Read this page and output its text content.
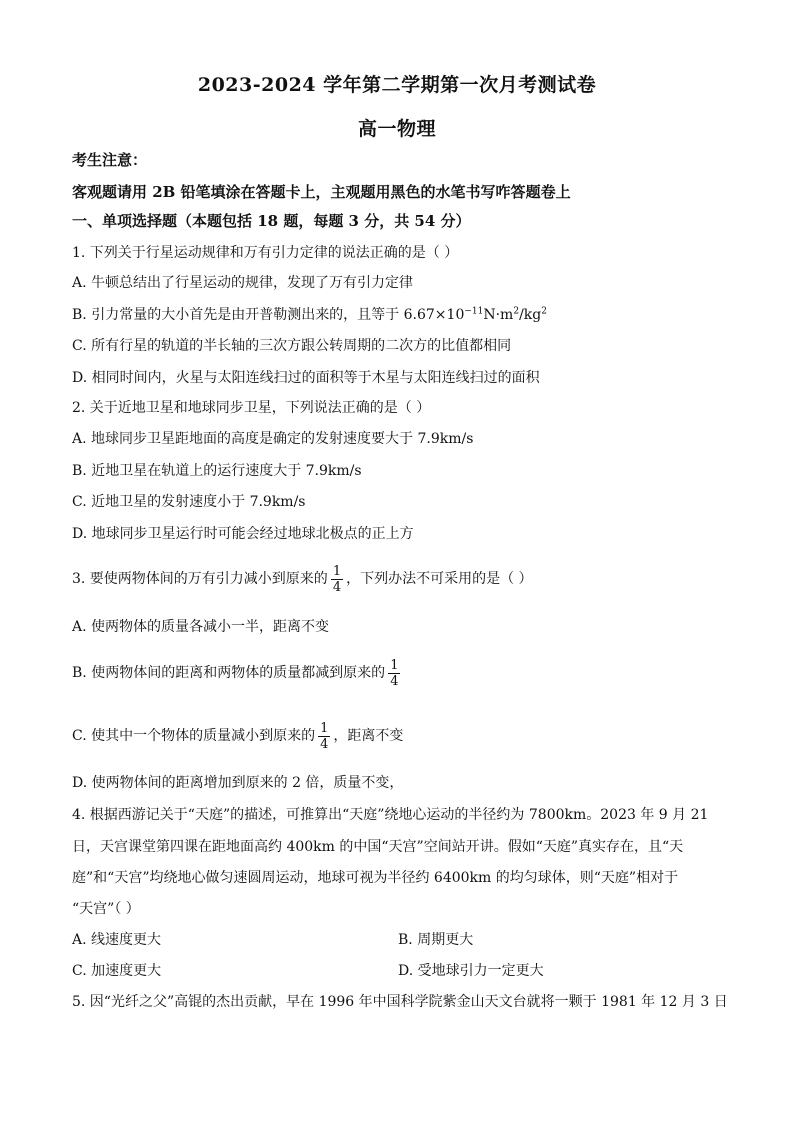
2023-2024 学年第二学期第一次月考测试卷
高一物理
考生注意：
客观题请用 2B 铅笔填涂在答题卡上，主观题用黑色的水笔书写咋答题卷上
一、单项选择题（本题包括 18 题，每题 3 分，共 54 分）
1. 下列关于行星运动规律和万有引力定律的说法正确的是（ ）
A. 牛顿总结出了行星运动的规律，发现了万有引力定律
B. 引力常量的大小首先是由开普勒测出来的，且等于 $6.67\times 10^{-11}N\cdot m^2/kg^2$
C. 所有行星的轨道的半长轴的三次方跟公转周期的二次方的比值都相同
D. 相同时间内，火星与太阳连线扫过的面积等于木星与太阳连线扫过的面积
2. 关于近地卫星和地球同步卫星，下列说法正确的是（ ）
A. 地球同步卫星距地面的高度是确定的发射速度要大于 7.9km/s
B. 近地卫星在轨道上的运行速度大于 7.9km/s
C. 近地卫星的发射速度小于 7.9km/s
D. 地球同步卫星运行时可能会经过地球北极点的正上方
3. 要使两物体间的万有引力减小到原来的 $\frac{1}{4}$ ，下列办法不可采用的是（ ）
A. 使两物体的质量各减小一半，距离不变
B. 使两物体间的距离和两物体的质量都减到原来的 $\frac{1}{4}$
C. 使其中一个物体的质量减小到原来的 $\frac{1}{4}$ ，距离不变
D. 使两物体间的距离增加到原来的 2 倍，质量不变，
4. 根据西游记关于“天庭”的描述，可推算出“天庭”绕地心运动的半径约为 7800km。2023 年 9 月 21
日，天宫课堂第四课在距地面高约 400km 的中国“天宫”空间站开讲。假如“天庭”真实存在，且“天
庭”和“天宫”均绕地心做匀速圆周运动，地球可视为半径约 6400km 的均匀球体，则“天庭”相对于
“天宫”（ ）
A. 线速度更大	B. 周期更大
C. 加速度更大	D. 受地球引力一定更大
5. 因“光纤之父”高锟的杰出贡献，早在 1996 年中国科学院紫金山天文台就将一颗于 1981 年 12 月 3 日
